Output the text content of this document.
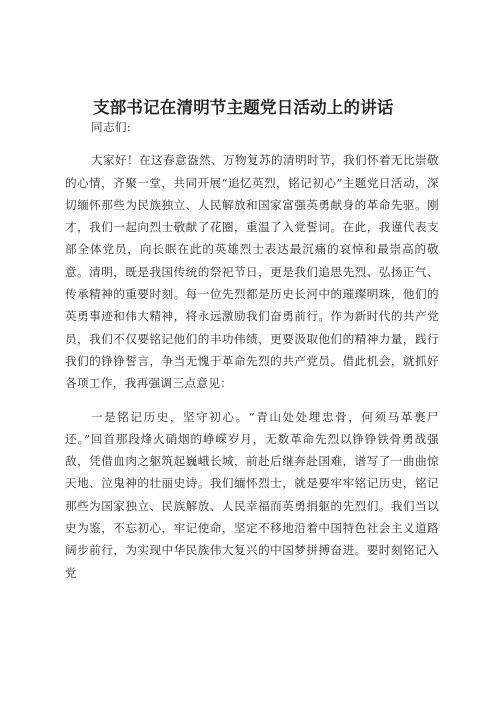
支部书记在清明节主题党日活动上的讲话

同志们:

大家好！在这春意盎然、万物复苏的清明时节，我们怀着无比崇敬的心情，齐聚一堂，共同开展“追忆英烈，铭记初心”主题党日活动，深切缅怀那些为民族独立、人民解放和国家富强英勇献身的革命先驱。刚才，我们一起向烈士敬献了花圈，重温了入党誓词。在此，我谨代表支部全体党员，向长眠在此的英雄烈士表达最沉痛的哀悼和最崇高的敬意。清明，既是我国传统的祭祀节日，更是我们追思先烈、弘扬正气、传承精神的重要时刻。每一位先烈都是历史长河中的璀璨明珠，他们的英勇事迹和伟大精神，将永远激励我们奋勇前行。作为新时代的共产党员，我们不仅要铭记他们的丰功伟绩，更要汲取他们的精神力量，践行我们的铮铮誓言，争当无愧于革命先烈的共产党员。借此机会，就抓好各项工作，我再强调三点意见：

一是铭记历史，坚守初心。“青山处处埋忠骨，何须马革裹尸还。”回首那段烽火硝烟的峥嵘岁月，无数革命先烈以铮铮铁骨勇战强敌，凭借血肉之躯筑起巍峨长城，前赴后继奔赴国难，谱写了一曲曲惊天地、泣鬼神的壮丽史诗。我们缅怀烈士，就是要牢牢铭记历史，铭记那些为国家独立、民族解放、人民幸福而英勇捐躯的先烈们。我们当以史为鉴，不忘初心，牢记使命，坚定不移地沿着中国特色社会主义道路阔步前行，为实现中华民族伟大复兴的中国梦拼搏奋进。要时刻铭记入党
